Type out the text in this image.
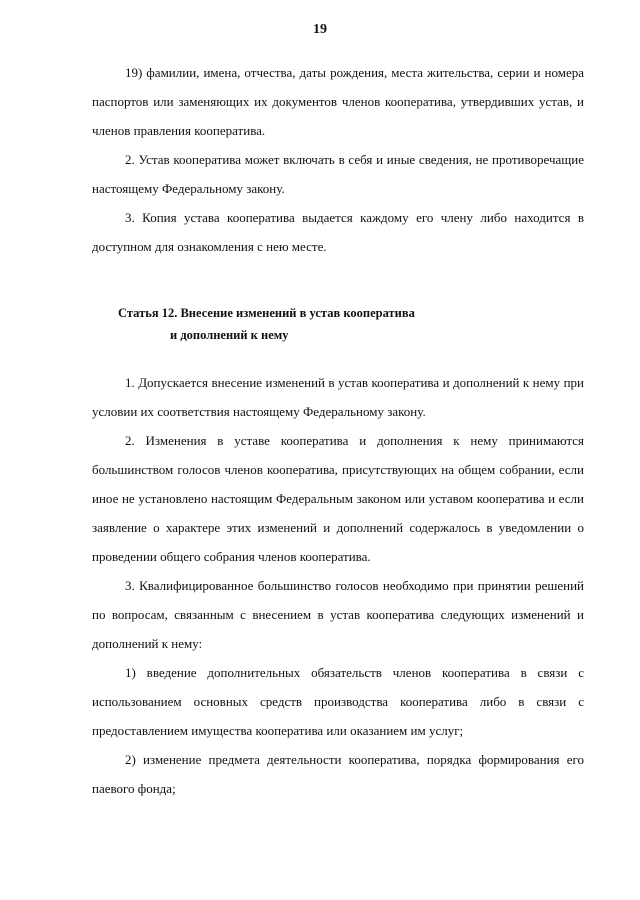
19

19) фамилии, имена, отчества, даты рождения, места жительства, серии и номера паспортов или заменяющих их документов членов кооператива, утвердивших устав, и членов правления кооператива.

2. Устав кооператива может включать в себя и иные сведения, не противоречащие настоящему Федеральному закону.

3. Копия устава кооператива выдается каждому его члену либо находится в доступном для ознакомления с нею месте.

Статья 12. Внесение изменений в устав кооператива
и дополнений к нему

1. Допускается внесение изменений в устав кооператива и дополнений к нему при условии их соответствия настоящему Федеральному закону.

2. Изменения в уставе кооператива и дополнения к нему принимаются большинством голосов членов кооператива, присутствующих на общем собрании, если иное не установлено настоящим Федеральным законом или уставом кооператива и если заявление о характере этих изменений и дополнений содержалось в уведомлении о проведении общего собрания членов кооператива.

3. Квалифицированное большинство голосов необходимо при принятии решений по вопросам, связанным с внесением в устав кооператива следующих изменений и дополнений к нему:

1) введение дополнительных обязательств членов кооператива в связи с использованием основных средств производства кооператива либо в связи с предоставлением имущества кооператива или оказанием им услуг;

2) изменение предмета деятельности кооператива, порядка формирования его паевого фонда;
